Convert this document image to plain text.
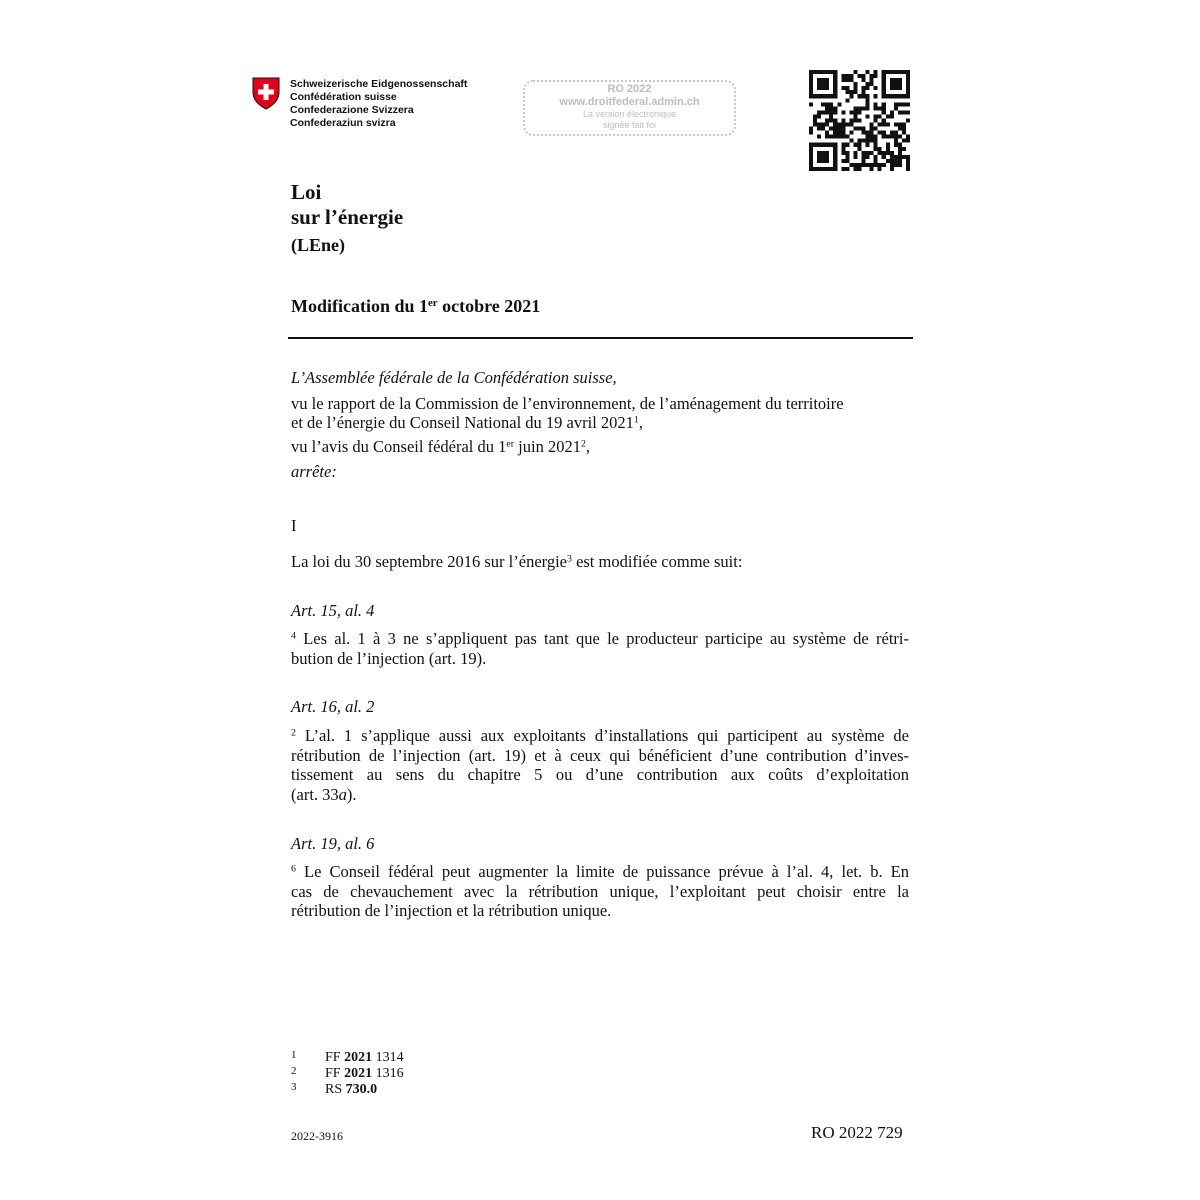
Schweizerische Eidgenossenschaft
Confédération suisse
Confederazione Svizzera
Confederaziun svizra
RO 2022
www.droitfederal.admin.ch
La version électronique
signée fait foi
Loi
sur l’énergie
(LEne)
Modification du 1er octobre 2021
L’Assemblée fédérale de la Confédération suisse,
vu le rapport de la Commission de l’environnement, de l’aménagement du territoire
et de l’énergie du Conseil National du 19 avril 2021$^1$,
vu l’avis du Conseil fédéral du 1er juin 2021$^2$,
arrête:
I
La loi du 30 septembre 2016 sur l’énergie$^3$ est modifiée comme suit:
Art. 15, al. 4
$^4$ Les al. 1 à 3 ne s’appliquent pas tant que le producteur participe au système de rétri-
bution de l’injection (art. 19).
Art. 16, al. 2
$^2$ L’al. 1 s’applique aussi aux exploitants d’installations qui participent au système de
rétribution de l’injection (art. 19) et à ceux qui bénéficient d’une contribution d’inves-
tissement au sens du chapitre 5 ou d’une contribution aux coûts d’exploitation
(art. 33a).
Art. 19, al. 6
$^6$ Le Conseil fédéral peut augmenter la limite de puissance prévue à l’al. 4, let. b. En
cas de chevauchement avec la rétribution unique, l’exploitant peut choisir entre la
rétribution de l’injection et la rétribution unique.
1 FF 2021 1314
2 FF 2021 1316
3 RS 730.0
2022-3916	RO 2022 729
